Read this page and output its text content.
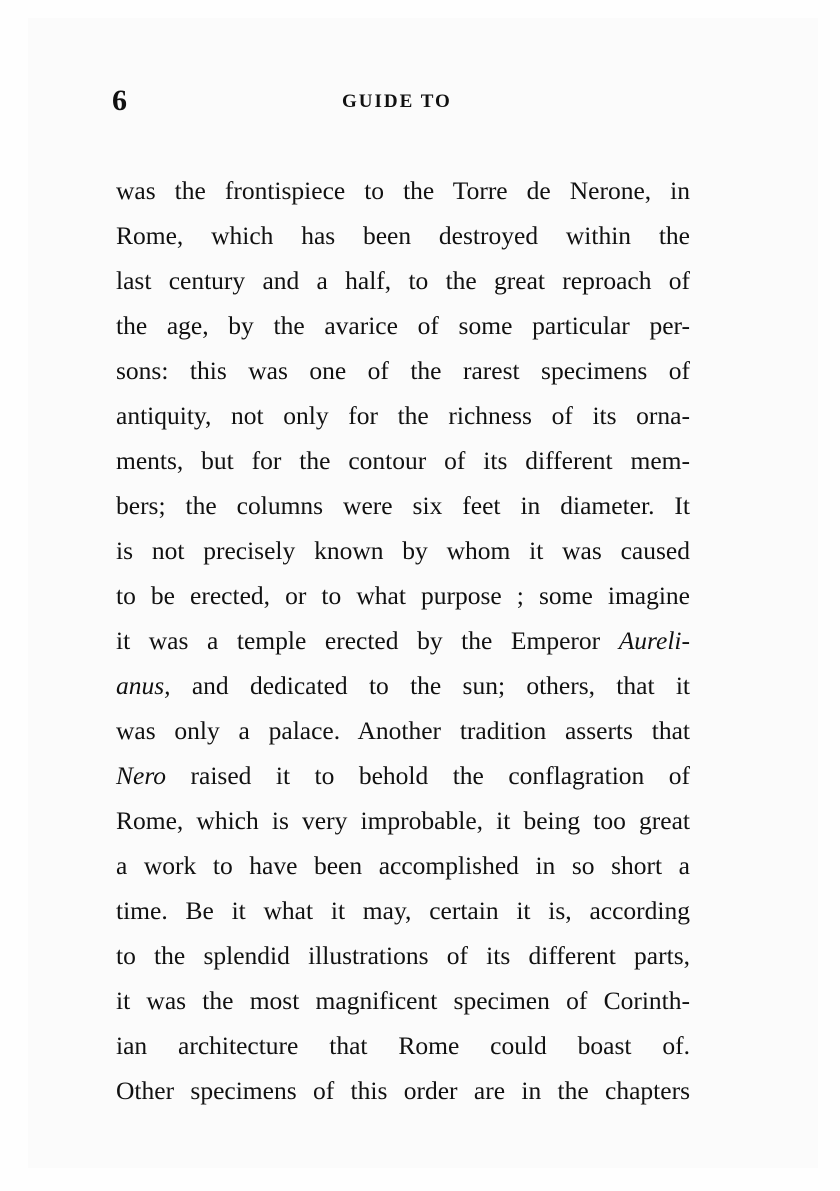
6	GUIDE TO
was the frontispiece to the Torre de Nerone, in
Rome, which has been destroyed within the
last century and a half, to the great reproach of
the age, by the avarice of some particular per-
sons: this was one of the rarest specimens of
antiquity, not only for the richness of its orna-
ments, but for the contour of its different mem-
bers; the columns were six feet in diameter. It
is not precisely known by whom it was caused
to be erected, or to what purpose ; some imagine
it was a temple erected by the Emperor Aureli-
anus, and dedicated to the sun; others, that it
was only a palace. Another tradition asserts that
Nero raised it to behold the conflagration of
Rome, which is very improbable, it being too great
a work to have been accomplished in so short a
time. Be it what it may, certain it is, according
to the splendid illustrations of its different parts,
it was the most magnificent specimen of Corinth-
ian architecture that Rome could boast of.
Other specimens of this order are in the chapters
